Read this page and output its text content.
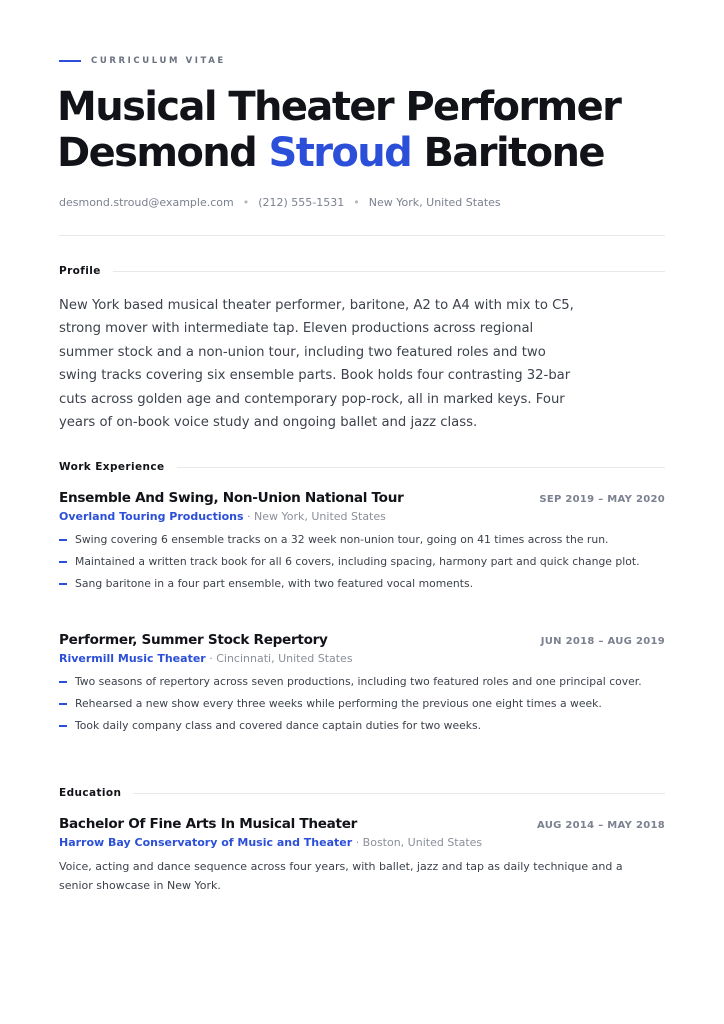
CURRICULUM VITAE
Musical Theater Performer
Desmond Stroud Baritone
desmond.stroud@example.com • (212) 555-1531 • New York, United States
Profile

New York based musical theater performer, baritone, A2 to A4 with mix to C5, strong mover with intermediate tap. Eleven productions across regional summer stock and a non-union tour, including two featured roles and two swing tracks covering six ensemble parts. Book holds four contrasting 32-bar cuts across golden age and contemporary pop-rock, all in marked keys. Four years of on-book voice study and ongoing ballet and jazz class.

Work Experience
Ensemble And Swing, Non-Union National Tour	SEP 2019 – MAY 2020
Overland Touring Productions · New York, United States
Swing covering 6 ensemble tracks on a 32 week non-union tour, going on 41 times across the run.
Maintained a written track book for all 6 covers, including spacing, harmony part and quick change plot.
Sang baritone in a four part ensemble, with two featured vocal moments.
Performer, Summer Stock Repertory	JUN 2018 – AUG 2019
Rivermill Music Theater · Cincinnati, United States
Two seasons of repertory across seven productions, including two featured roles and one principal cover.
Rehearsed a new show every three weeks while performing the previous one eight times a week.
Took daily company class and covered dance captain duties for two weeks.
Education
Bachelor Of Fine Arts In Musical Theater	AUG 2014 – MAY 2018
Harrow Bay Conservatory of Music and Theater · Boston, United States
Voice, acting and dance sequence across four years, with ballet, jazz and tap as daily technique and a senior showcase in New York.
